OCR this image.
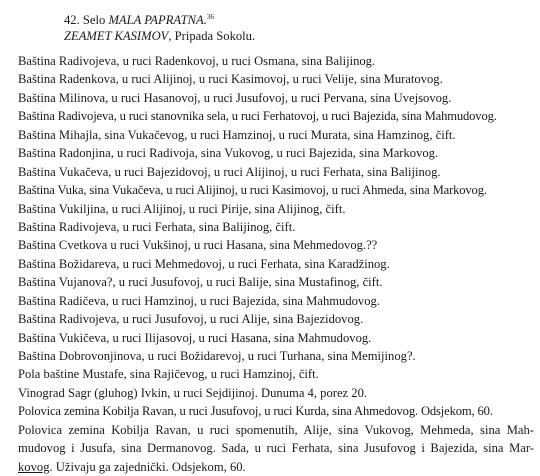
42. Selo MALA PAPRATNA.$^{36}$
ZEAMET KASIMOV, Pripada Sokolu.
Baština Radivojeva, u ruci Radenkovoj, u ruci Osmana, sina Balijinog.
Baština Radenkova, u ruci Alijinoj, u ruci Kasimovoj, u ruci Velije, sina Muratovog.
Baština Milinova, u ruci Hasanovoj, u ruci Jusufovoj, u ruci Pervana, sina Uvejsovog.
Baština Radivojeva, u ruci stanovnika sela, u ruci Ferhatovoj, u ruci Bajezida, sina Mahmudovog.
Baština Mihajla, sina Vukačevog, u ruci Hamzinoj, u ruci Murata, sina Hamzinog, čift.
Baština Radonjina, u ruci Radivoja, sina Vukovog, u ruci Bajezida, sina Markovog.
Baština Vukačeva, u ruci Bajezidovoj, u ruci Alijinoj, u ruci Ferhata, sina Balijinog.
Baština Vuka, sina Vukačeva, u ruci Alijinoj, u ruci Kasimovoj, u ruci Ahmeda, sina Markovog.
Baština Vukiljina, u ruci Alijinoj, u ruci Pirije, sina Alijinog, čift.
Baština Radivojeva, u ruci Ferhata, sina Balijinog, čift.
Baština Cvetkova u ruci Vukšinoj, u ruci Hasana, sina Mehmedovog.??
Baština Božidareva, u ruci Mehmedovoj, u ruci Ferhata, sina Karadžinog.
Baština Vujanova?, u ruci Jusufovoj, u ruci Balije, sina Mustafinog, čift.
Baština Radičeva, u ruci Hamzinoj, u ruci Bajezida, sina Mahmudovog.
Baština Radivojeva, u ruci Jusufovoj, u ruci Alije, sina Bajezidovog.
Baština Vukičeva, u ruci Ilijasovoj, u ruci Hasana, sina Mahmudovog.
Baština Dobrovonjinova, u ruci Božidarevoj, u ruci Turhana, sina Memijinog?.
Pola baštine Mustafe, sina Rajičevog, u ruci Hamzinoj, čift.
Vinograd Sagr (gluhog) Ivkin, u ruci Sejdijinoj. Dunuma 4, porez 20.
Polovica zemina Kobilja Ravan, u ruci Jusufovoj, u ruci Kurda, sina Ahmedovog. Odsjekom, 60.
Polovica zemina Kobilja Ravan, u ruci spomenutih, Alije, sina Vukovog, Mehmeda, sina Mah-
mudovog i Jusufa, sina Dermanovog. Sada, u ruci Ferhata, sina Jusufovog i Bajezida, sina Mar-
kovog. Uživaju ga zajednički. Odsjekom, 60.
